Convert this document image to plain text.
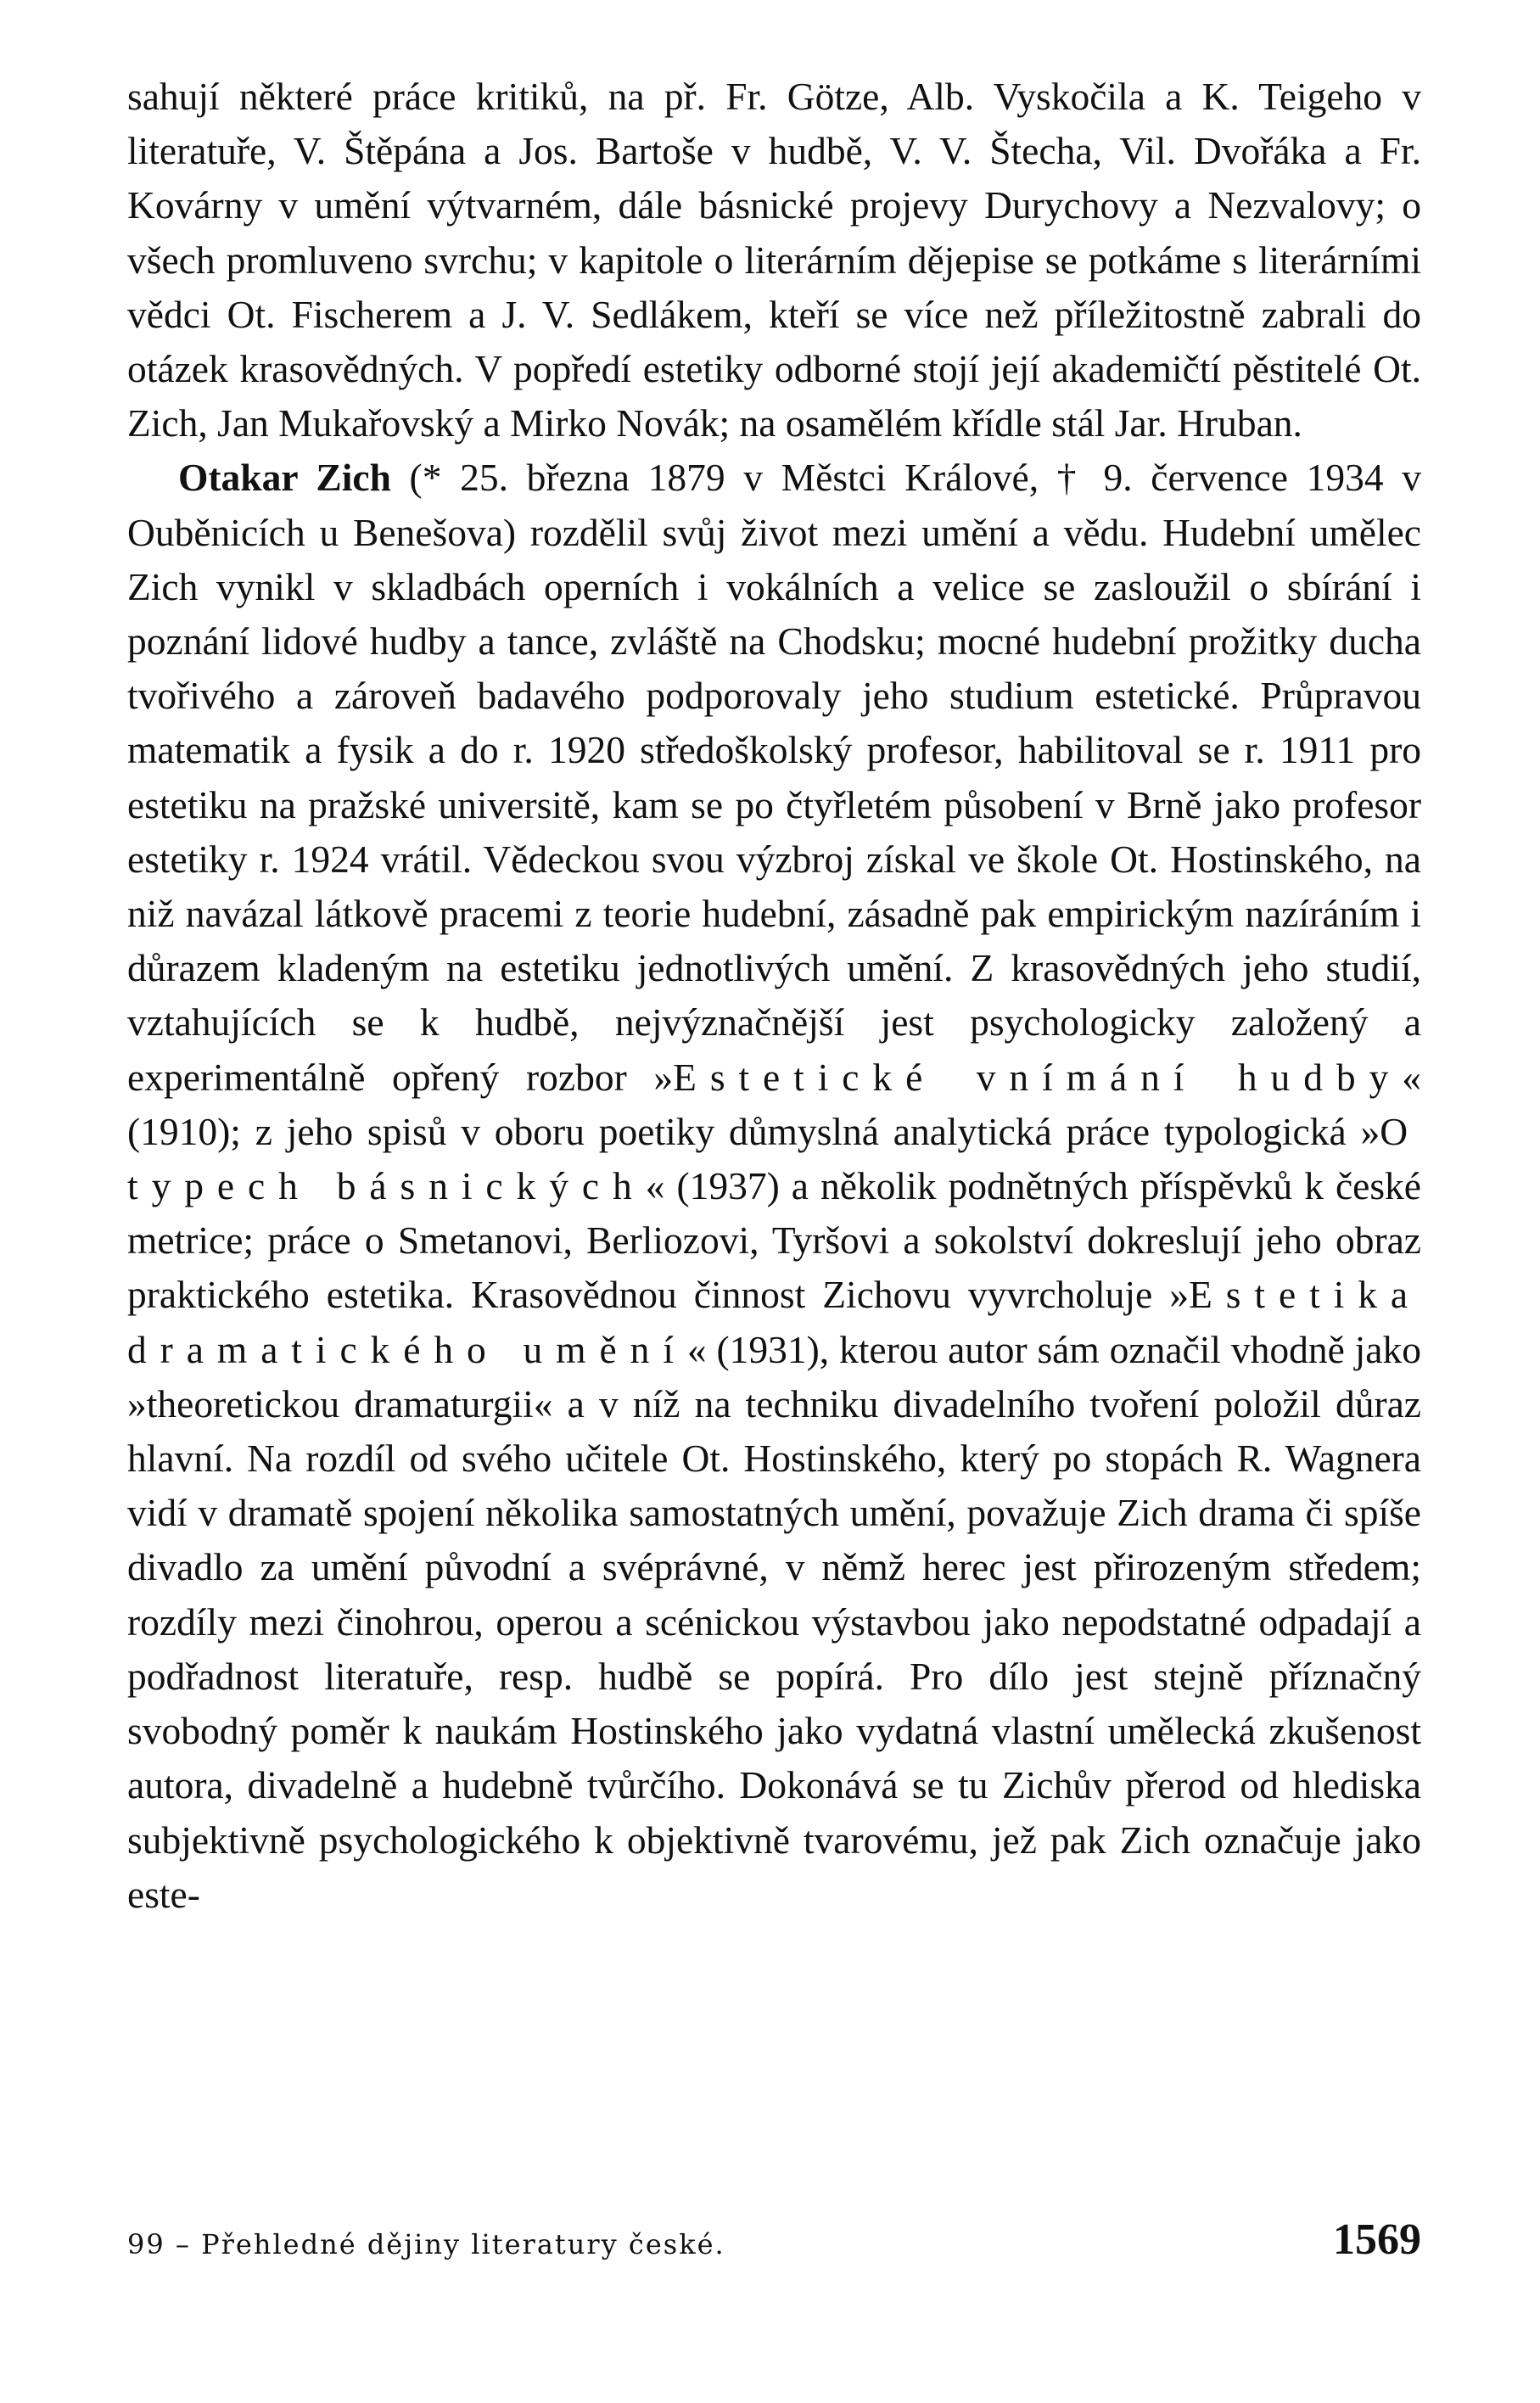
sahují některé práce kritiků, na př. Fr. Götze, Alb. Vyskočila a K. Teigeho v literatuře, V. Štěpána a Jos. Bartoše v hudbě, V. V. Štecha, Vil. Dvořáka a Fr. Kovárny v umění výtvarném, dále básnické projevy Durychovy a Nezvalovy; o všech promluveno svrchu; v kapitole o literárním dějepise se potkáme s literárními vědci Ot. Fischerem a J. V. Sedlákem, kteří se více než příležitostně zabrali do otázek krasovědných. V popředí estetiky odborné stojí její akademičtí pěstitelé Ot. Zich, Jan Mukařovský a Mirko Novák; na osamělém křídle stál Jar. Hruban.

Otakar Zich (* 25. března 1879 v Městci Králové, † 9. července 1934 v Ouběnicích u Benešova) rozdělil svůj život mezi umění a vědu. Hudební umělec Zich vynikl v skladbách operních i vokálních a velice se zasloužil o sbírání i poznání lidové hudby a tance, zvláště na Chodsku; mocné hudební prožitky ducha tvořivého a zároveň badavého podporovaly jeho studium estetické. Průpravou matematik a fysik a do r. 1920 středoškolský profesor, habilitoval se r. 1911 pro estetiku na pražské universitě, kam se po čtyřletém působení v Brně jako profesor estetiky r. 1924 vrátil. Vědeckou svou výzbroj získal ve škole Ot. Hostinského, na niž navázal látkově pracemi z teorie hudební, zásadně pak empirickým nazíráním i důrazem kladeným na estetiku jednotlivých umění. Z krasovědných jeho studií, vztahujících se k hudbě, nejvýznačnější jest psychologicky založený a experimentálně opřený rozbor »Estetické vnímání hudby« (1910); z jeho spisů v oboru poetiky důmyslná analytická práce typologická »O typech básnických« (1937) a několik podnětných příspěvků k české metrice; práce o Smetanovi, Berliozovi, Tyršovi a sokolství dokreslují jeho obraz praktického estetika. Krasovědnou činnost Zichovu vyvrcholuje »Estetika dramatického umění« (1931), kterou autor sám označil vhodně jako »theoretickou dramaturgii« a v níž na techniku divadelního tvoření položil důraz hlavní. Na rozdíl od svého učitele Ot. Hostinského, který po stopách R. Wagnera vidí v dramatě spojení několika samostatných umění, považuje Zich drama či spíše divadlo za umění původní a svéprávné, v němž herec jest přirozeným středem; rozdíly mezi činohrou, operou a scénickou výstavbou jako nepodstatné odpadají a podřadnost literatuře, resp. hudbě se popírá. Pro dílo jest stejně příznačný svobodný poměr k naukám Hostinského jako vydatná vlastní umělecká zkušenost autora, divadelně a hudebně tvůrčího. Dokonává se tu Zichův přerod od hlediska subjektivně psychologického k objektivně tvarovému, jež pak Zich označuje jako este-

99 – Přehledné dějiny literatury české.	1569
